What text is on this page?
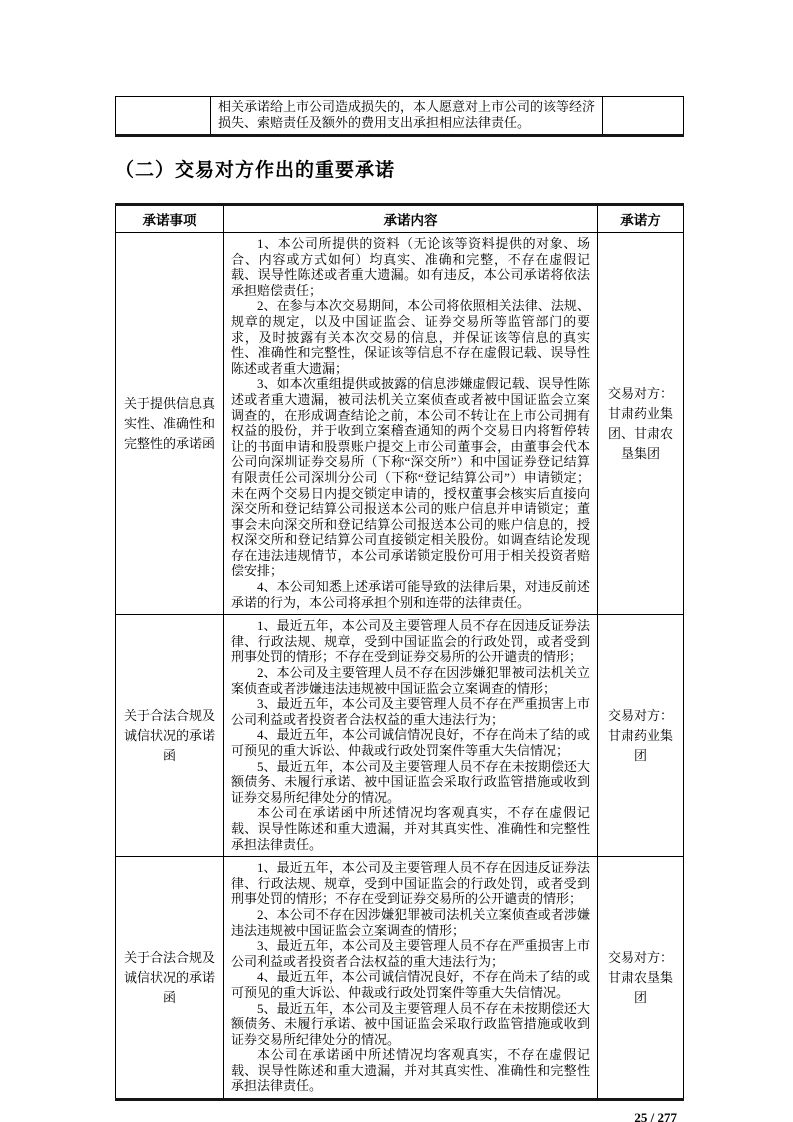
	相关承诺给上市公司造成损失的，本人愿意对上市公司的该等经济损失、索赔责任及额外的费用支出承担相应法律责任。	
（二）交易对方作出的重要承诺
承诺事项	承诺内容	承诺方
关于提供信息真实性、准确性和完整性的承诺函	1、本公司所提供的资料（无论该等资料提供的对象、场合、内容或方式如何）均真实、准确和完整，不存在虚假记载、误导性陈述或者重大遗漏。如有违反，本公司承诺将依法承担赔偿责任；

2、在参与本次交易期间，本公司将依照相关法律、法规、规章的规定，以及中国证监会、证券交易所等监管部门的要求，及时披露有关本次交易的信息，并保证该等信息的真实性、准确性和完整性，保证该等信息不存在虚假记载、误导性陈述或者重大遗漏；

3、如本次重组提供或披露的信息涉嫌虚假记载、误导性陈述或者重大遗漏，被司法机关立案侦查或者被中国证监会立案调查的，在形成调查结论之前，本公司不转让在上市公司拥有权益的股份，并于收到立案稽查通知的两个交易日内将暂停转让的书面申请和股票账户提交上市公司董事会，由董事会代本公司向深圳证券交易所（下称“深交所”）和中国证券登记结算有限责任公司深圳分公司（下称“登记结算公司”）申请锁定；未在两个交易日内提交锁定申请的，授权董事会核实后直接向深交所和登记结算公司报送本公司的账户信息并申请锁定；董事会未向深交所和登记结算公司报送本公司的账户信息的，授权深交所和登记结算公司直接锁定相关股份。如调查结论发现存在违法违规情节，本公司承诺锁定股份可用于相关投资者赔偿安排；

4、本公司知悉上述承诺可能导致的法律后果，对违反前述承诺的行为，本公司将承担个别和连带的法律责任。	交易对方：甘肃药业集团、甘肃农垦集团
关于合法合规及诚信状况的承诺函	

1、最近五年，本公司及主要管理人员不存在因违反证券法律、行政法规、规章，受到中国证监会的行政处罚，或者受到刑事处罚的情形；不存在受到证券交易所的公开谴责的情形；

2、本公司及主要管理人员不存在因涉嫌犯罪被司法机关立案侦查或者涉嫌违法违规被中国证监会立案调查的情形；

3、最近五年，本公司及主要管理人员不存在严重损害上市公司利益或者投资者合法权益的重大违法行为；

4、最近五年，本公司诚信情况良好，不存在尚未了结的或可预见的重大诉讼、仲裁或行政处罚案件等重大失信情况；

5、最近五年，本公司及主要管理人员不存在未按期偿还大额债务、未履行承诺、被中国证监会采取行政监管措施或收到证券交易所纪律处分的情况。

本公司在承诺函中所述情况均客观真实，不存在虚假记载、误导性陈述和重大遗漏，并对其真实性、准确性和完整性承担法律责任。

	交易对方：甘肃药业集团
关于合法合规及诚信状况的承诺函	

1、最近五年，本公司及主要管理人员不存在因违反证券法律、行政法规、规章，受到中国证监会的行政处罚，或者受到刑事处罚的情形；不存在受到证券交易所的公开谴责的情形；

2、本公司不存在因涉嫌犯罪被司法机关立案侦查或者涉嫌违法违规被中国证监会立案调查的情形；

3、最近五年，本公司及主要管理人员不存在严重损害上市公司利益或者投资者合法权益的重大违法行为；

4、最近五年，本公司诚信情况良好，不存在尚未了结的或可预见的重大诉讼、仲裁或行政处罚案件等重大失信情况。

5、最近五年，本公司及主要管理人员不存在未按期偿还大额债务、未履行承诺、被中国证监会采取行政监管措施或收到证券交易所纪律处分的情况。

本公司在承诺函中所述情况均客观真实，不存在虚假记载、误导性陈述和重大遗漏，并对其真实性、准确性和完整性承担法律责任。

	交易对方：甘肃农垦集团
25 / 277
